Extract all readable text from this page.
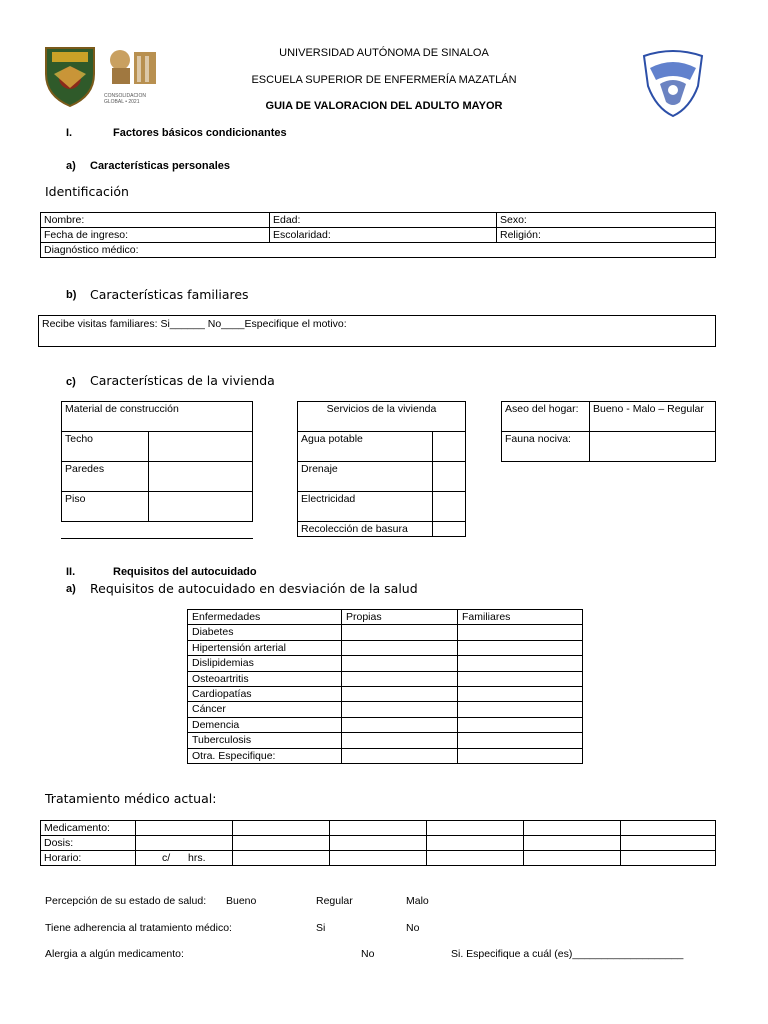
CONSOLIDACION
GLOBAL • 2021
UNIVERSIDAD AUTÓNOMA DE SINALOA
ESCUELA SUPERIOR DE ENFERMERÍA MAZATLÁN
GUIA DE VALORACION DEL ADULTO MAYOR
I.	Factores básicos condicionantes
a) Características personales
Identificación
Nombre:	Edad:	Sexo:
Fecha de ingreso:	Escolaridad:	Religión:
Diagnóstico médico:		
b) Características familiares
Recibe visitas familiares: Si______ No____Especifique el motivo:
c) Características de la vivienda
Material de construcción	
Techo	
Paredes	
Piso	
Servicios de la vivienda	
Agua potable	
Drenaje	
Electricidad	
Recolección de basura	
Aseo del hogar:	Bueno - Malo – Regular
Fauna nociva:	
II.	Requisitos del autocuidado
a) Requisitos de autocuidado en desviación de la salud
Enfermedades	Propias	Familiares
Diabetes		
Hipertensión arterial		
Dislipidemias		
Osteoartritis		
Cardiopatías		
Cáncer		
Demencia		
Tuberculosis		
Otra. Especifique:		
Tratamiento médico actual:
Medicamento:						
Dosis:						
Horario:	c/ hrs.					
Percepción de su estado de salud: Bueno	Regular	Malo
Tiene adherencia al tratamiento médico:	Si	No
Alergia a algún medicamento:	No	Si. Especifique a cuál (es)___________________
